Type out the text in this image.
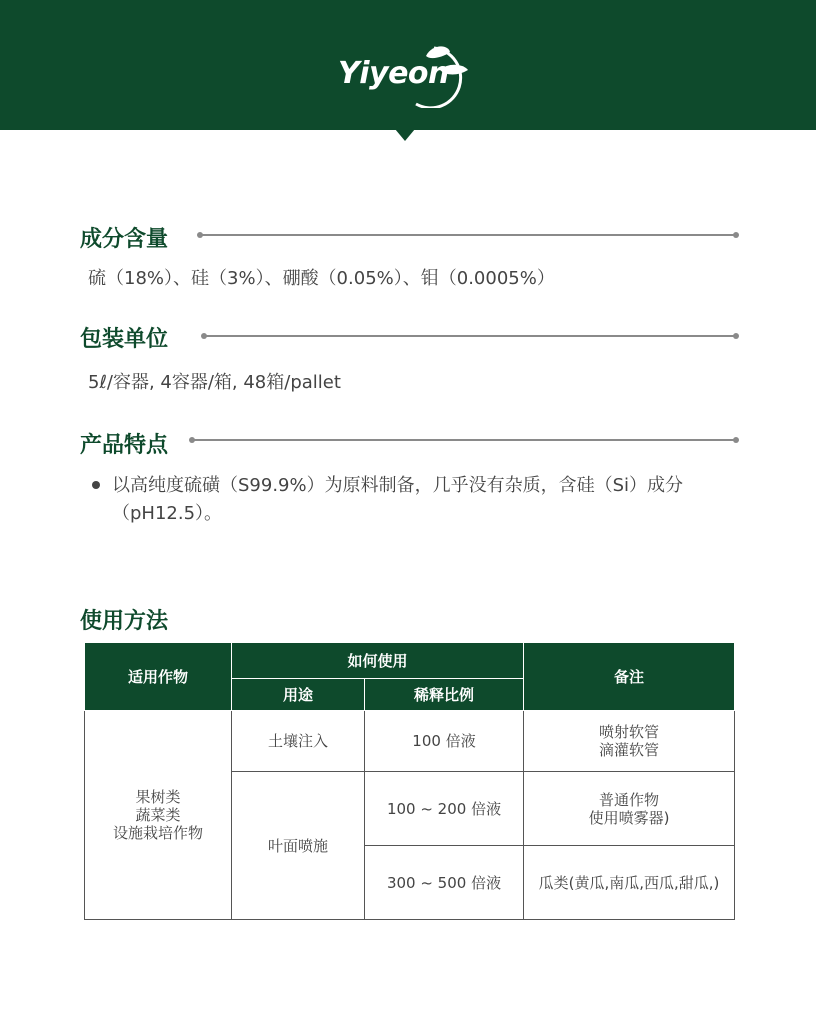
Yiyeon
成分含量
硫（18%）、硅（3%）、硼酸（0.05%）、钼（0.0005%）
包装单位
5ℓ/容器, 4容器/箱, 48箱/pallet
产品特点
以高纯度硫磺（S99.9%）为原料制备，几乎没有杂质，含硅（Si）成分（pH12.5）。
使用方法
适用作物	如何使用		备注
	用途	稀释比例	

果树类
蔬菜类
设施栽培作物	土壤注入	100 倍液	喷射软管
滴灌软管

	叶面喷施	100 ~ 200 倍液	普通作物
使用喷雾器)

		300 ~ 500 倍液	瓜类(黄瓜,南瓜,西瓜,甜瓜,)
